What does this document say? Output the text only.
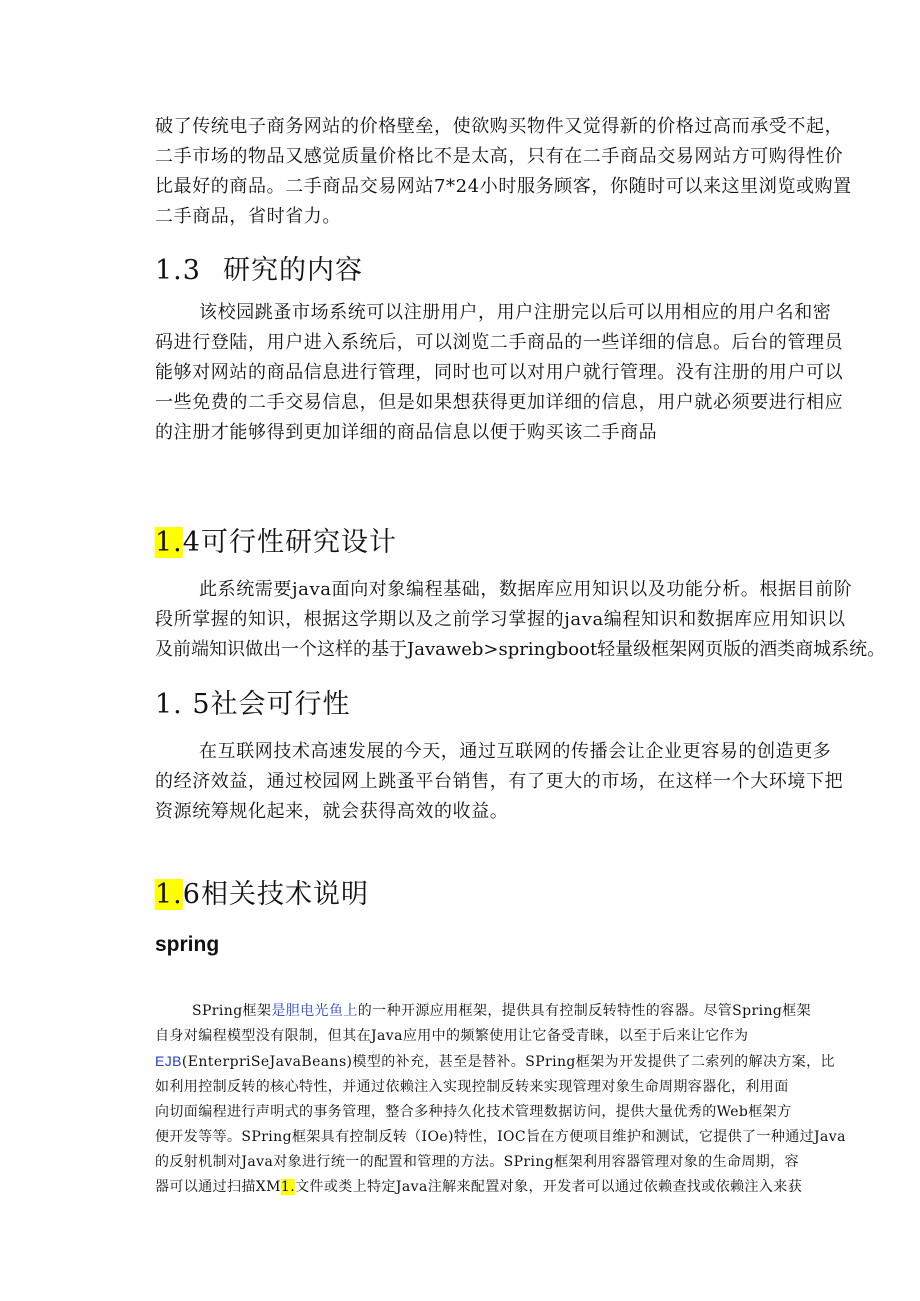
破了传统电子商务网站的价格壁垒，使欲购买物件又觉得新的价格过高而承受不起，
二手市场的物品又感觉质量价格比不是太高，只有在二手商品交易网站方可购得性价
比最好的商品。二手商品交易网站7*24小时服务顾客，你随时可以来这里浏览或购置
二手商品，省时省力。

1.3 研究的内容

该校园跳蚤市场系统可以注册用户，用户注册完以后可以用相应的用户名和密
码进行登陆，用户进入系统后，可以浏览二手商品的一些详细的信息。后台的管理员
能够对网站的商品信息进行管理，同时也可以对用户就行管理。没有注册的用户可以
一些免费的二手交易信息，但是如果想获得更加详细的信息，用户就必须要进行相应
的注册才能够得到更加详细的商品信息以便于购买该二手商品

1.4可行性研究设计

此系统需要java面向对象编程基础，数据库应用知识以及功能分析。根据目前阶
段所掌握的知识，根据这学期以及之前学习掌握的java编程知识和数据库应用知识以
及前端知识做出一个这样的基于Javaweb>springboot轻量级框架网页版的酒类商城系统。

1. 5社会可行性

在互联网技术高速发展的今天，通过互联网的传播会让企业更容易的创造更多
的经济效益，通过校园网上跳蚤平台销售，有了更大的市场，在这样一个大环境下把
资源统筹规化起来，就会获得高效的收益。

1.6相关技术说明
spring

SPring框架是胆电光鱼上的一种开源应用框架，提供具有控制反转特性的容器。尽管Spring框架
自身对编程模型没有限制，但其在Java应用中的频繁使用让它备受青睐，以至于后来让它作为
EJB(EnterpriSeJavaBeans)模型的补充，甚至是替补。SPring框架为开发提供了二索列的解决方案，比
如利用控制反转的核心特性，并通过依赖注入实现控制反转来实现管理对象生命周期容器化，利用面
向切面编程进行声明式的事务管理，整合多种持久化技术管理数据访问，提供大量优秀的Web框架方
便开发等等。SPring框架具有控制反转（IOe)特性，IOC旨在方便项目维护和测试，它提供了一种通过Java
的反射机制对Java对象进行统一的配置和管理的方法。SPring框架利用容器管理对象的生命周期，容
器可以通过扫描XM1.文件或类上特定Java注解来配置对象，开发者可以通过依赖查找或依赖注入来获
